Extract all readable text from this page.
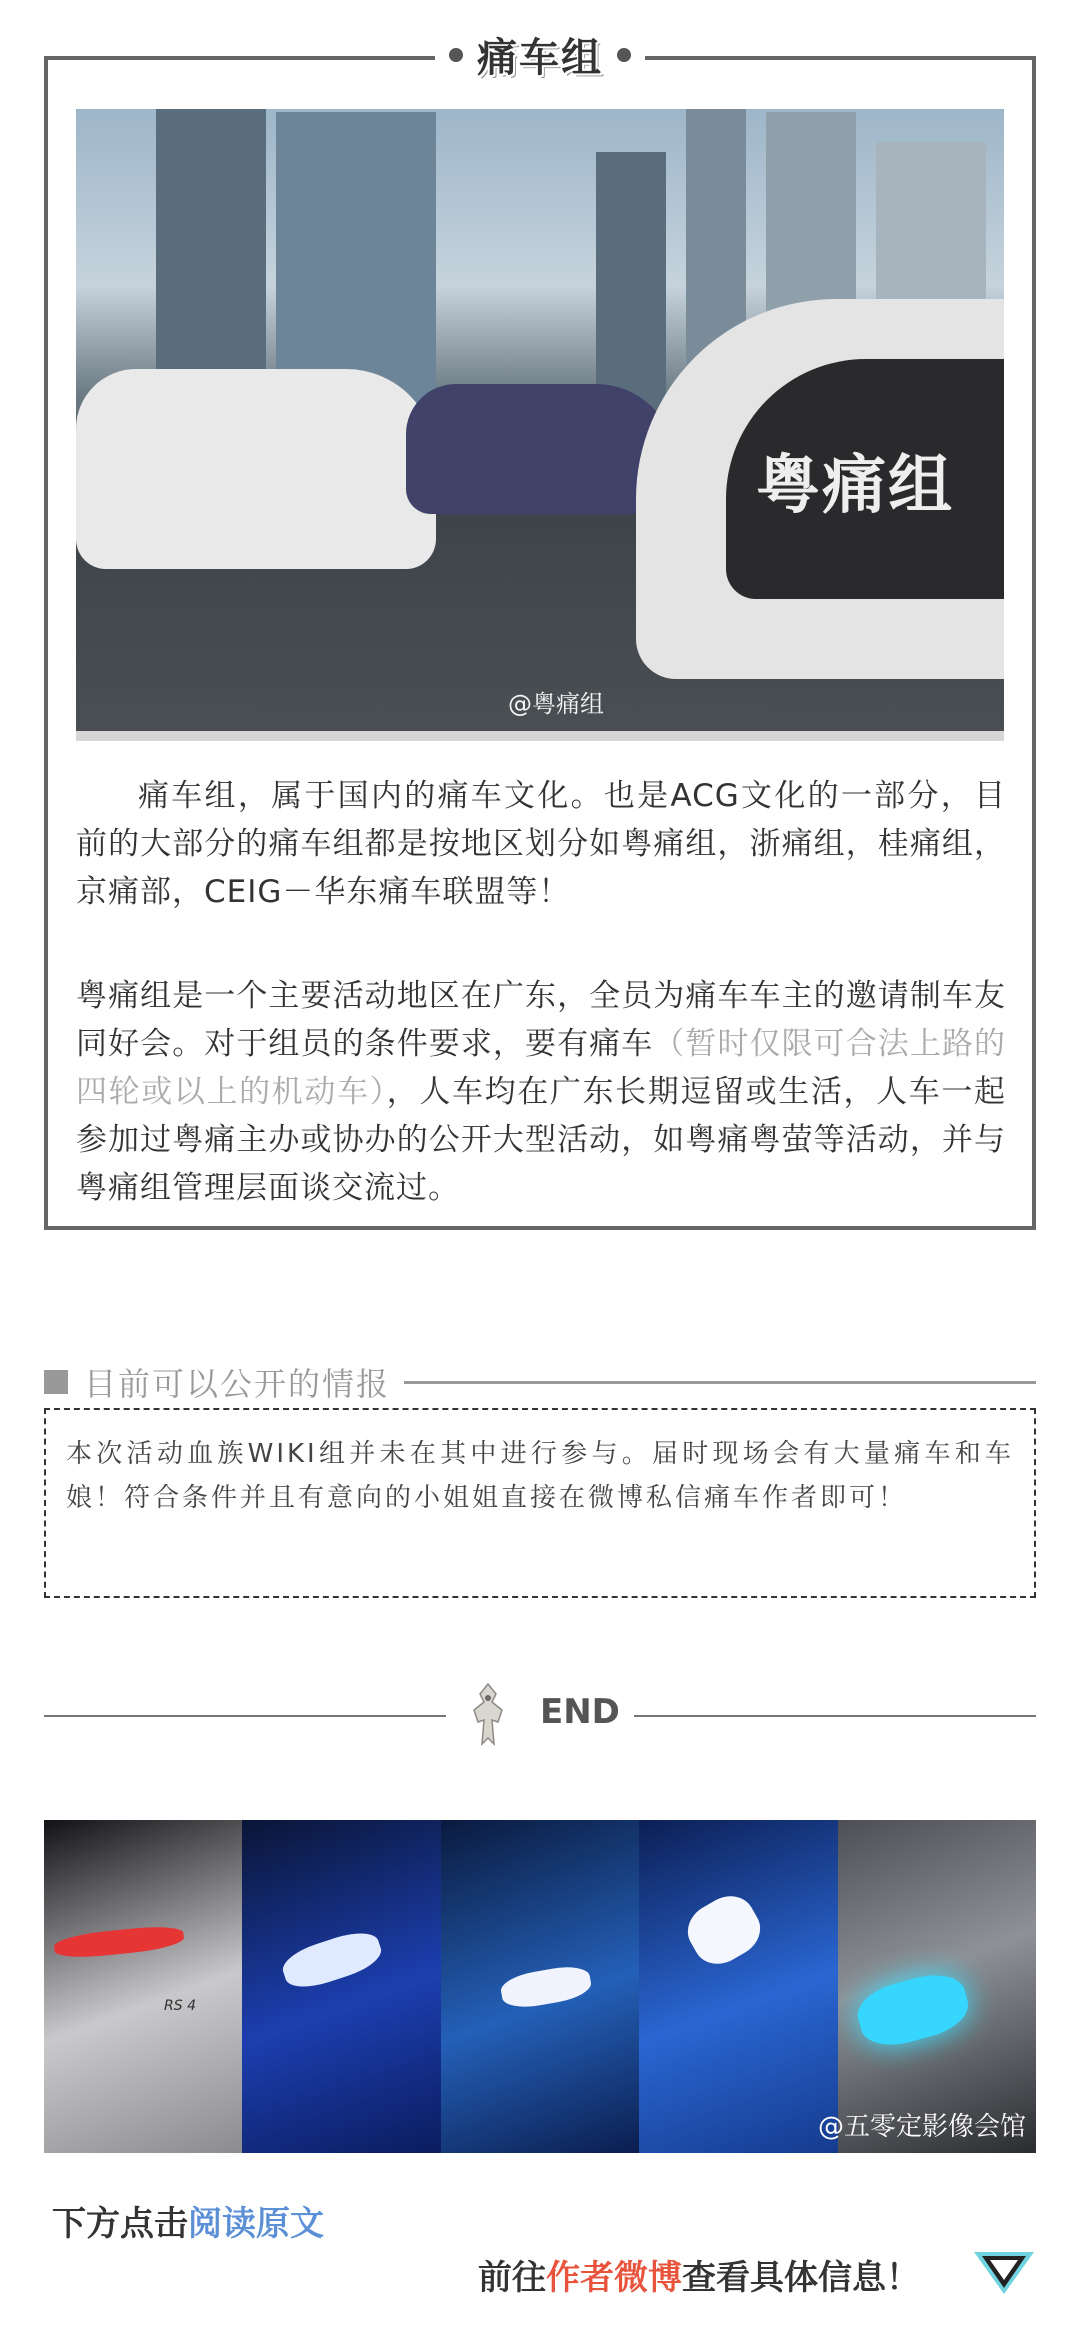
痛车组
粤痛组
@粤痛组

痛车组，属于国内的痛车文化。也是ACG文化的一部分，目前的大部分的痛车组都是按地区划分如粤痛组，浙痛组，桂痛组，京痛部，CEIG－华东痛车联盟等！

粤痛组是一个主要活动地区在广东，全员为痛车车主的邀请制车友同好会。对于组员的条件要求，要有痛车（暂时仅限可合法上路的四轮或以上的机动车），人车均在广东长期逗留或生活，人车一起参加过粤痛主办或协办的公开大型活动，如粤痛粤萤等活动，并与粤痛组管理层面谈交流过。

目前可以公开的情报

本次活动血族WIKI组并未在其中进行参与。届时现场会有大量痛车和车娘！符合条件并且有意向的小姐姐直接在微博私信痛车作者即可！

END
RS 4
@五零定影像会馆
下方点击阅读原文
前往作者微博查看具体信息！
